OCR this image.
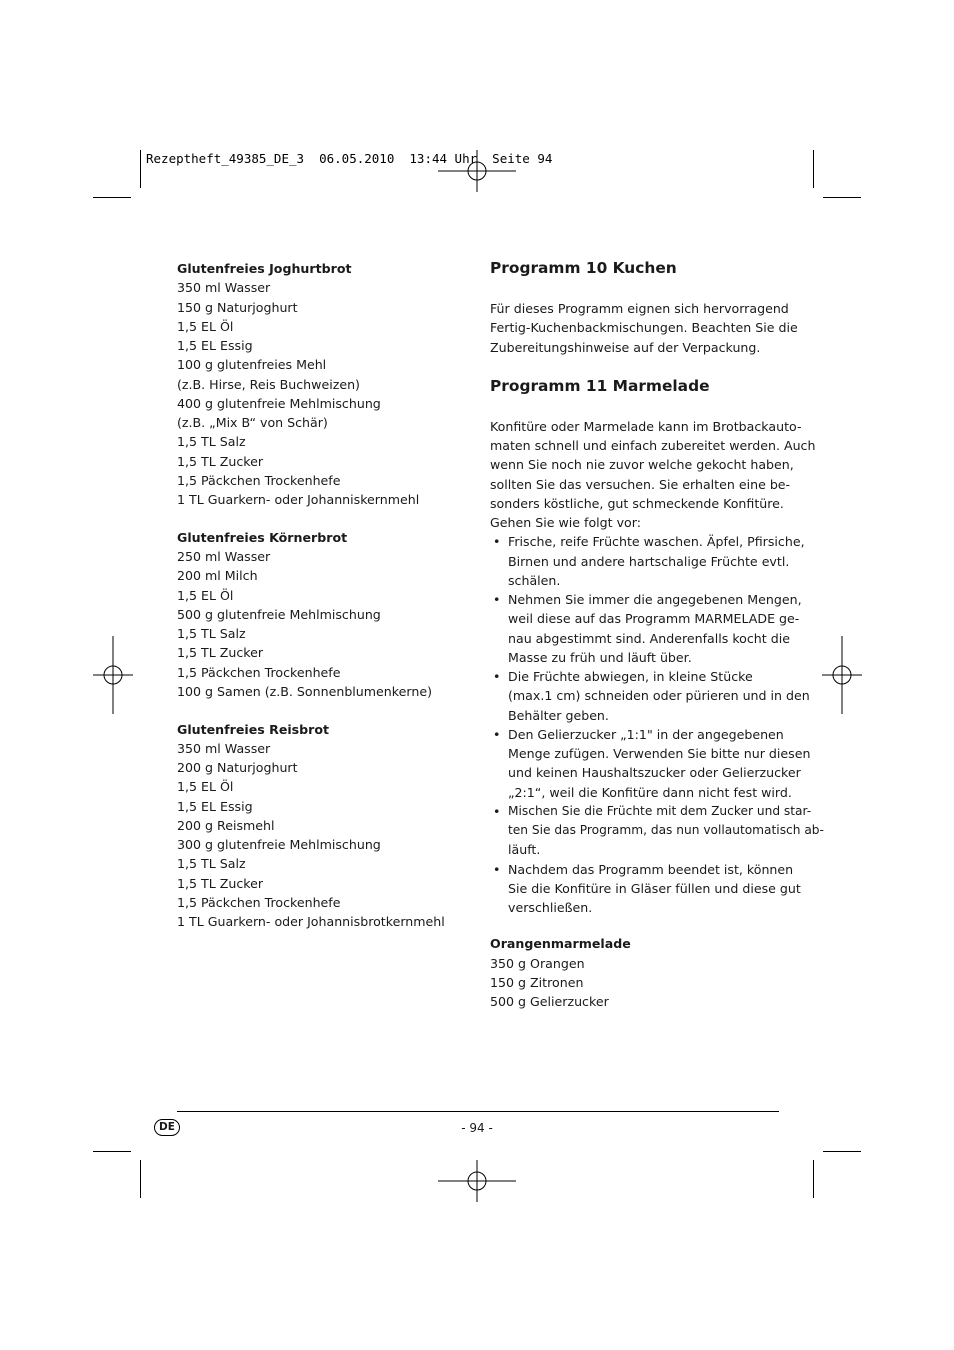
Rezeptheft_49385_DE_3  06.05.2010  13:44 Uhr  Seite 94

Glutenfreies Joghurtbrot

350 ml Wasser

150 g Naturjoghurt

1,5 EL Öl

1,5 EL Essig

100 g glutenfreies Mehl

(z.B. Hirse, Reis Buchweizen)

400 g glutenfreie Mehlmischung

(z.B. „Mix B“ von Schär)

1,5 TL Salz

1,5 TL Zucker

1,5 Päckchen Trockenhefe

1 TL Guarkern- oder Johanniskernmehl

Glutenfreies Körnerbrot

250 ml Wasser

200 ml Milch

1,5 EL Öl

500 g glutenfreie Mehlmischung

1,5 TL Salz

1,5 TL Zucker

1,5 Päckchen Trockenhefe

100 g Samen (z.B. Sonnenblumenkerne)

Glutenfreies Reisbrot

350 ml Wasser

200 g Naturjoghurt

1,5 EL Öl

1,5 EL Essig

200 g Reismehl

300 g glutenfreie Mehlmischung

1,5 TL Salz

1,5 TL Zucker

1,5 Päckchen Trockenhefe

1 TL Guarkern- oder Johannisbrotkernmehl

Programm 10 Kuchen

Für dieses Programm eignen sich hervorragend

Fertig-Kuchenbackmischungen. Beachten Sie die

Zubereitungshinweise auf der Verpackung.

Programm 11 Marmelade

Konfitüre oder Marmelade kann im Brotbackauto-

maten schnell und einfach zubereitet werden. Auch

wenn Sie noch nie zuvor welche gekocht haben,

sollten Sie das versuchen. Sie erhalten eine be-

sonders köstliche, gut schmeckende Konfitüre.

Gehen Sie wie folgt vor:

• Frische, reife Früchte waschen. Äpfel, Pfirsiche,

Birnen und andere hartschalige Früchte evtl.

schälen.

• Nehmen Sie immer die angegebenen Mengen,

weil diese auf das Programm MARMELADE ge-

nau abgestimmt sind. Anderenfalls kocht die

Masse zu früh und läuft über.

• Die Früchte abwiegen, in kleine Stücke

(max.1 cm) schneiden oder pürieren und in den

Behälter geben.

• Den Gelierzucker „1:1" in der angegebenen

Menge zufügen. Verwenden Sie bitte nur diesen

und keinen Haushaltszucker oder Gelierzucker

„2:1“, weil die Konfitüre dann nicht fest wird.

• Mischen Sie die Früchte mit dem Zucker und star-

ten Sie das Programm, das nun vollautomatisch ab-

läuft.

• Nachdem das Programm beendet ist, können

Sie die Konfitüre in Gläser füllen und diese gut

verschließen.

Orangenmarmelade

350 g Orangen

150 g Zitronen

500 g Gelierzucker

DE	- 94 -
